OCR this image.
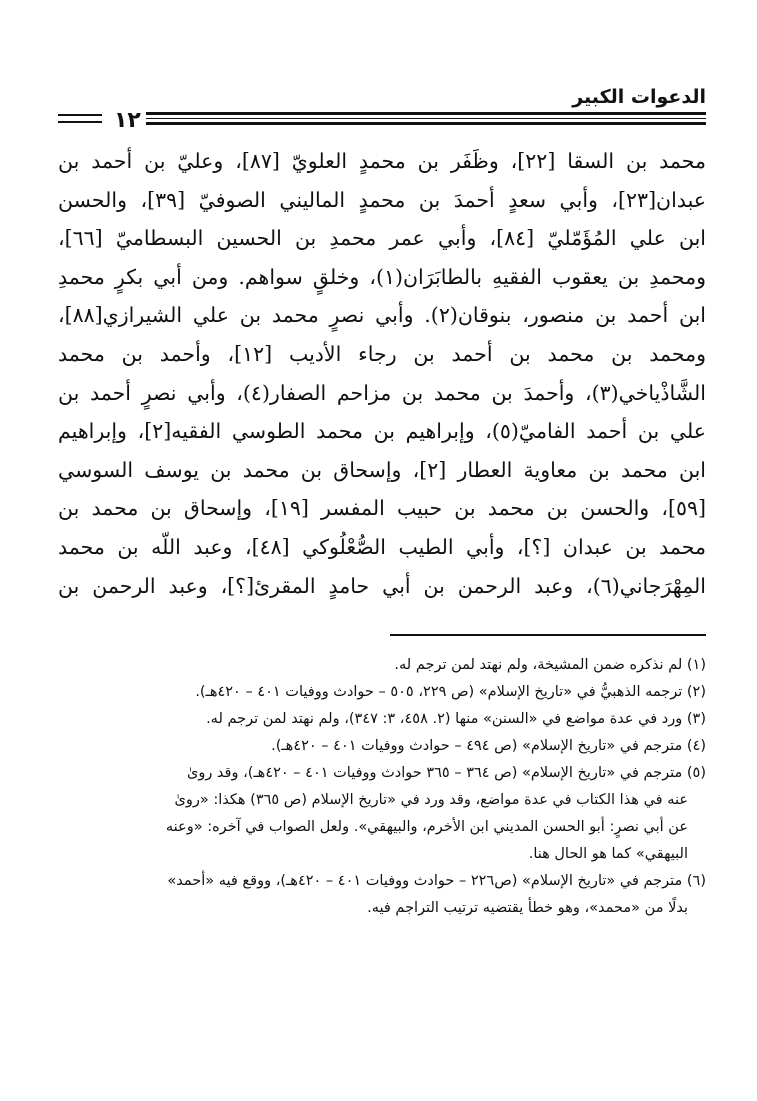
الدعوات الكبير
١٢
محمد بن السقا [٢٢]، وظَفَر بن محمدٍ العلويّ [٨٧]، وعليّ بن أحمد بن
عبدان[٢٣]، وأبي سعدٍ أحمدَ بن محمدٍ الماليني الصوفيّ [٣٩]، والحسن
ابن علي المُؤَمّليّ [٨٤]، وأبي عمر محمدِ بن الحسين البسطاميّ [٦٦]،
ومحمدِ بن يعقوب الفقيهِ بالطابَرَان(١)، وخلقٍ سواهم. ومن أبي بكرٍ محمدِ
ابن أحمد بن منصور، بنوقان(٢). وأبي نصرٍ محمد بن علي الشيرازي[٨٨]،
ومحمد بن محمد بن أحمد بن رجاء الأديب [١٢]، وأحمد بن محمد
الشَّاذْياخي(٣)، وأحمدَ بن محمد بن مزاحم الصفار(٤)، وأبي نصرٍ أحمد بن
علي بن أحمد الفاميّ(٥)، وإبراهيم بن محمد الطوسي الفقيه[٢]، وإبراهيم
ابن محمد بن معاوية العطار [٢]، وإسحاق بن محمد بن يوسف السوسي
[٥٩]، والحسن بن محمد بن حبيب المفسر [١٩]، وإسحاق بن محمد بن
محمد بن عبدان [؟]، وأبي الطيب الصُّعْلُوكي [٤٨]، وعبد اللّه بن محمد
المِهْرَجاني(٦)، وعبد الرحمن بن أبي حامدٍ المقرئ[؟]، وعبد الرحمن بن
(١) لم نذكره ضمن المشيخة، ولم نهتد لمن ترجم له.
(٢) ترجمه الذهبيُّ في «تاريخ الإسلام» (ص ٢٢٩، ٥٠٥ – حوادث ووفيات ٤٠١ – ٤٢٠هـ).
(٣) ورد في عدة مواضع في «السنن» منها (٢. ٤٥٨، ٣: ٣٤٧)، ولم نهتد لمن ترجم له.
(٤) مترجم في «تاريخ الإسلام» (ص ٤٩٤ – حوادث ووفيات ٤٠١ – ٤٢٠هـ).
(٥) مترجم في «تاريخ الإسلام» (ص ٣٦٤ – ٣٦٥ حوادث ووفيات ٤٠١ – ٤٢٠هـ)، وقد روىٰ
عنه في هذا الكتاب في عدة مواضع، وقد ورد في «تاريخ الإسلام (ص ٣٦٥) هكذا: «روىٰ
عن أبي نصرٍ: أبو الحسن المديني ابن الأخرم، والبيهقي». ولعل الصواب في آخره: «وعنه
البيهقي» كما هو الحال هنا.
(٦) مترجم في «تاريخ الإسلام» (ص٢٢٦ – حوادث ووفيات ٤٠١ – ٤٢٠هـ)، ووقع فيه «أحمد»
بدلًا من «محمد»، وهو خطأ يقتضيه ترتيب التراجم فيه.
